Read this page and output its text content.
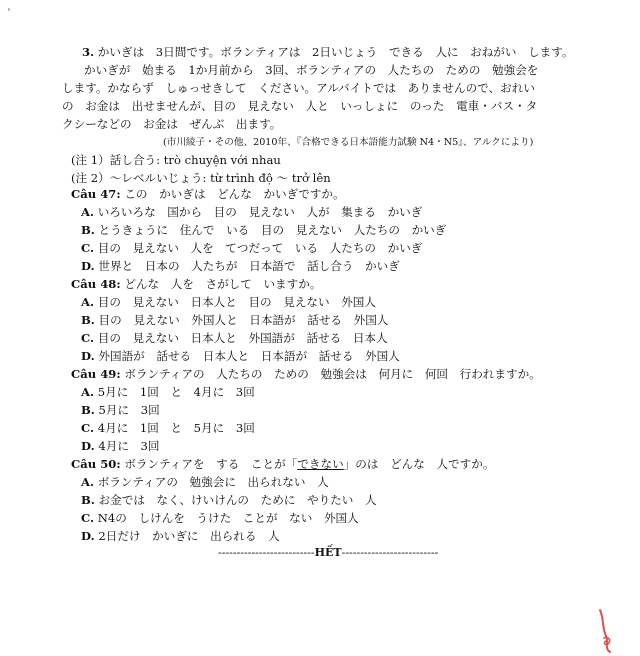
3. かいぎは　3日間です。ボランティアは　2日いじょう　できる　人に　おねがい　します。
かいぎが　始まる　1か月前から　3回、ボランティアの　人たちの　ための　勉強会を
します。かならず　しゅっせきして　ください。アルバイトでは　ありませんので、おれい
の　お金は　出せませんが、目の　見えない　人と　いっしょに　のった　電車・バス・タ
クシーなどの　お金は　ぜんぶ　出ます。
(市川綾子・その他、2010年、『合格できる日本語能力試験 N4・N5』、アルクにより)
(注 1）話し合う: trò chuyện với nhau
(注 2）～レベルいじょう: từ trình độ ～ trở lên
Câu 47: この　かいぎは　どんな　かいぎですか。
A. いろいろな　国から　目の　見えない　人が　集まる　かいぎ
B. とうきょうに　住んで　いる　目の　見えない　人たちの　かいぎ
C. 目の　見えない　人を　てつだって　いる　人たちの　かいぎ
D. 世界と　日本の　人たちが　日本語で　話し合う　かいぎ
Câu 48: どんな　人を　さがして　いますか。
A. 目の　見えない　日本人と　目の　見えない　外国人
B. 目の　見えない　外国人と　日本語が　話せる　外国人
C. 目の　見えない　日本人と　外国語が　話せる　日本人
D. 外国語が　話せる　日本人と　日本語が　話せる　外国人
Câu 49: ボランティアの　人たちの　ための　勉強会は　何月に　何回　行われますか。
A. 5月に　1回　と　4月に　3回
B. 5月に　3回
C. 4月に　1回　と　5月に　3回
D. 4月に　3回
Câu 50: ボランティアを　する　ことが「できない」のは　どんな　人ですか。
A. ボランティアの　勉強会に　出られない　人
B. お金では　なく、けいけんの　ために　やりたい　人
C. N4の　しけんを　うけた　ことが　ない　外国人
D. 2日だけ　かいぎに　出られる　人
--------------------------HẾT--------------------------
